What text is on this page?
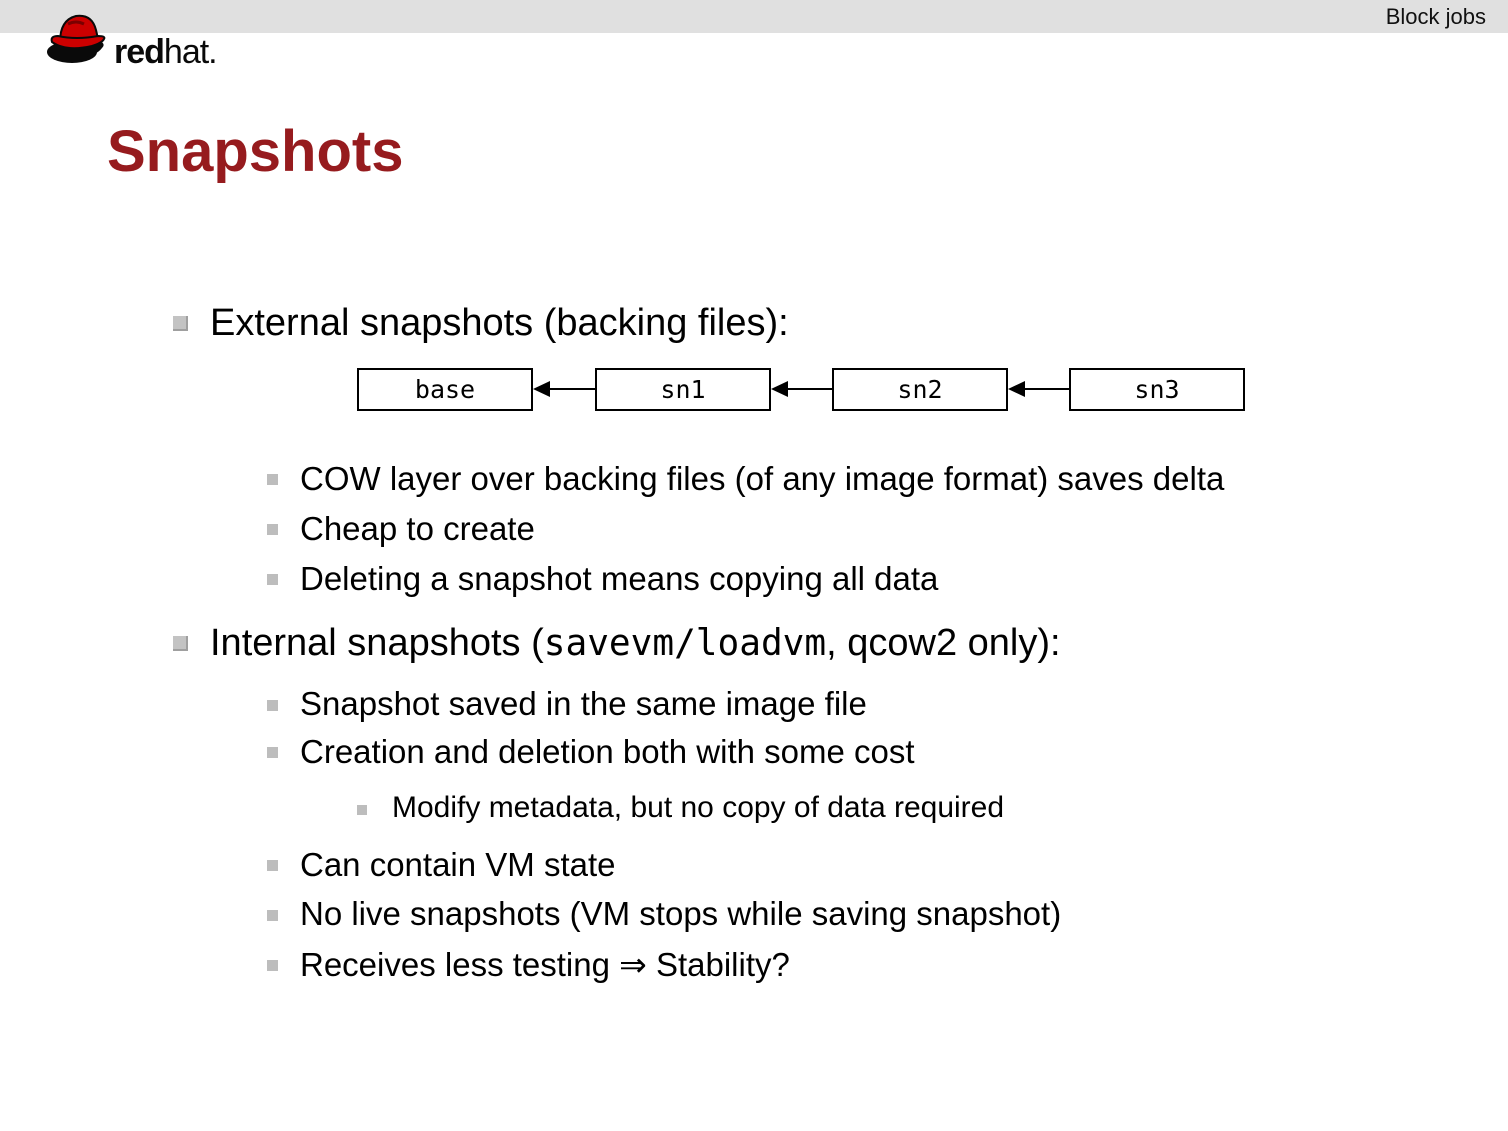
Block jobs
redhat.
Snapshots
External snapshots (backing files):
base	sn1	sn2	sn3
COW layer over backing files (of any image format) saves delta
Cheap to create
Deleting a snapshot means copying all data
Internal snapshots (savevm/loadvm, qcow2 only):
Snapshot saved in the same image file
Creation and deletion both with some cost
Modify metadata, but no copy of data required
Can contain VM state
No live snapshots (VM stops while saving snapshot)
Receives less testing ⇒ Stability?
